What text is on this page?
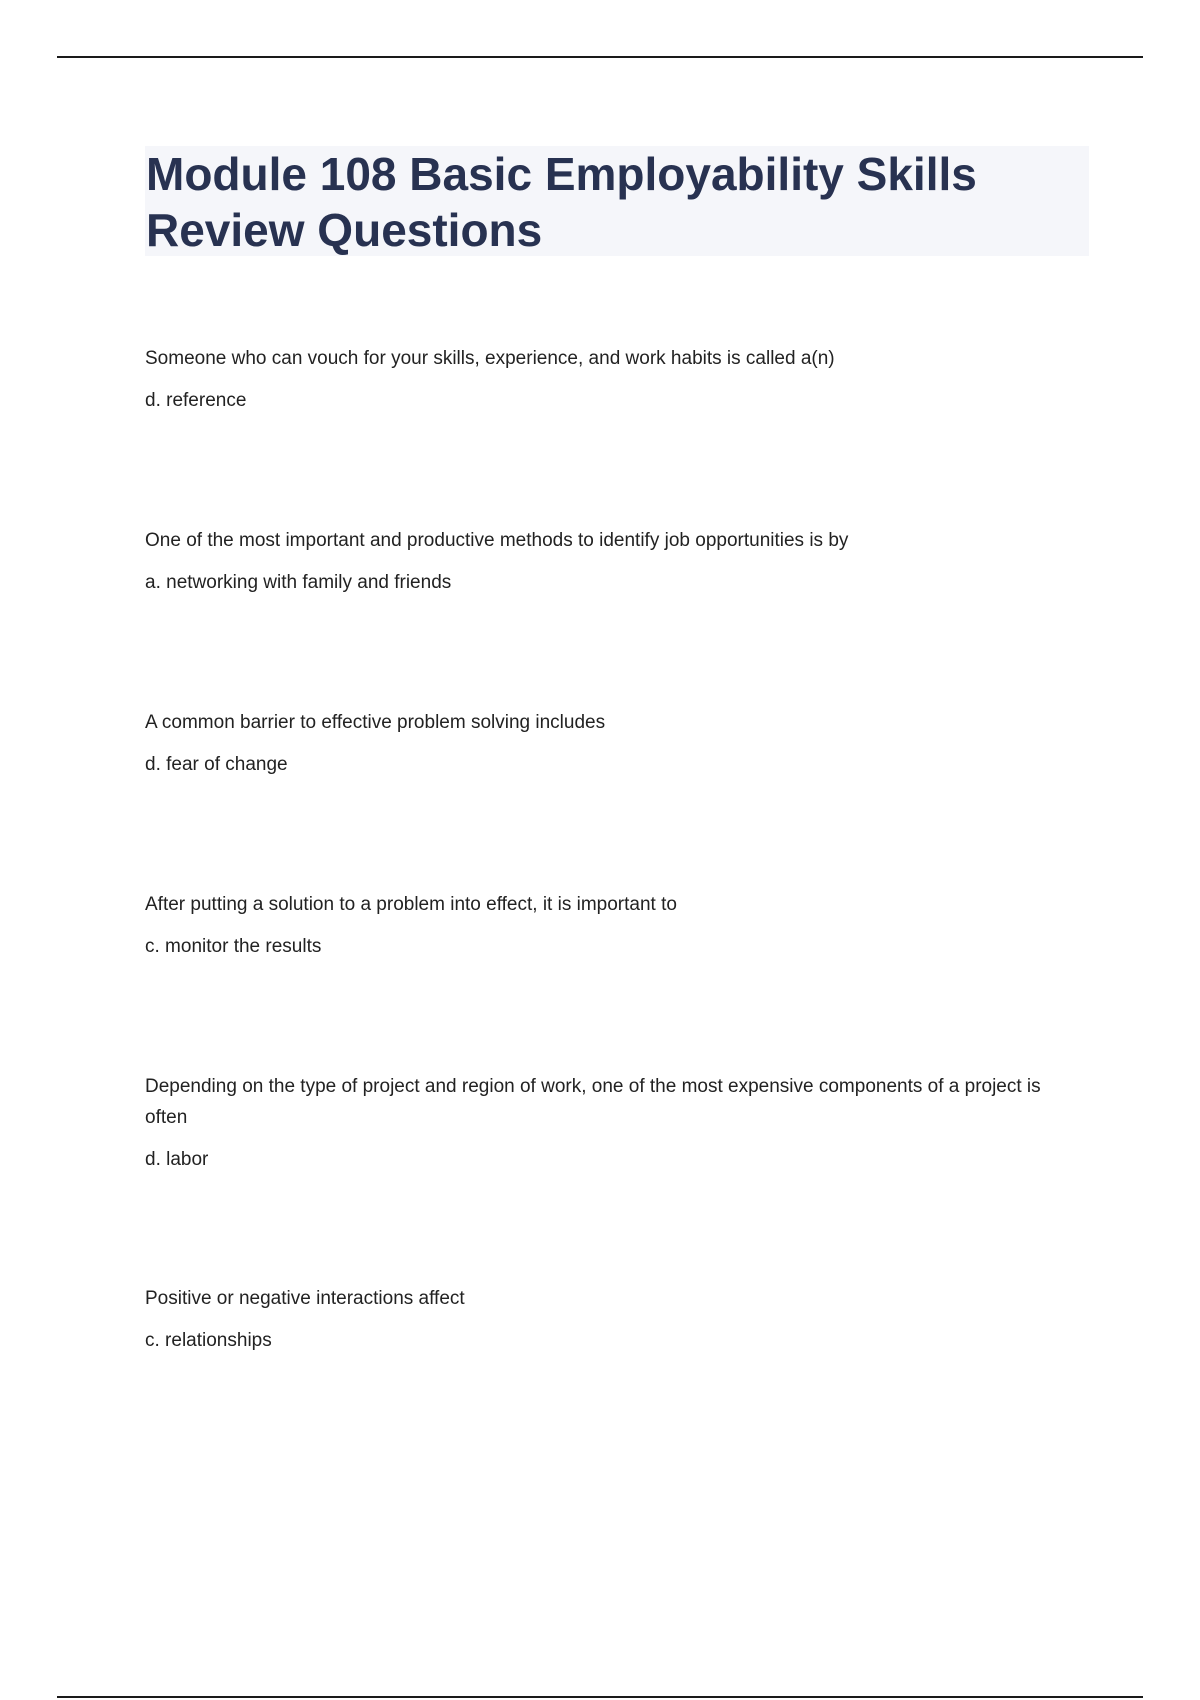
Module 108 Basic Employability Skills Review Questions

Someone who can vouch for your skills, experience, and work habits is called a(n)

d. reference

One of the most important and productive methods to identify job opportunities is by

a. networking with family and friends

A common barrier to effective problem solving includes

d. fear of change

After putting a solution to a problem into effect, it is important to

c. monitor the results

Depending on the type of project and region of work, one of the most expensive components of a project is often

d. labor

Positive or negative interactions affect

c. relationships
